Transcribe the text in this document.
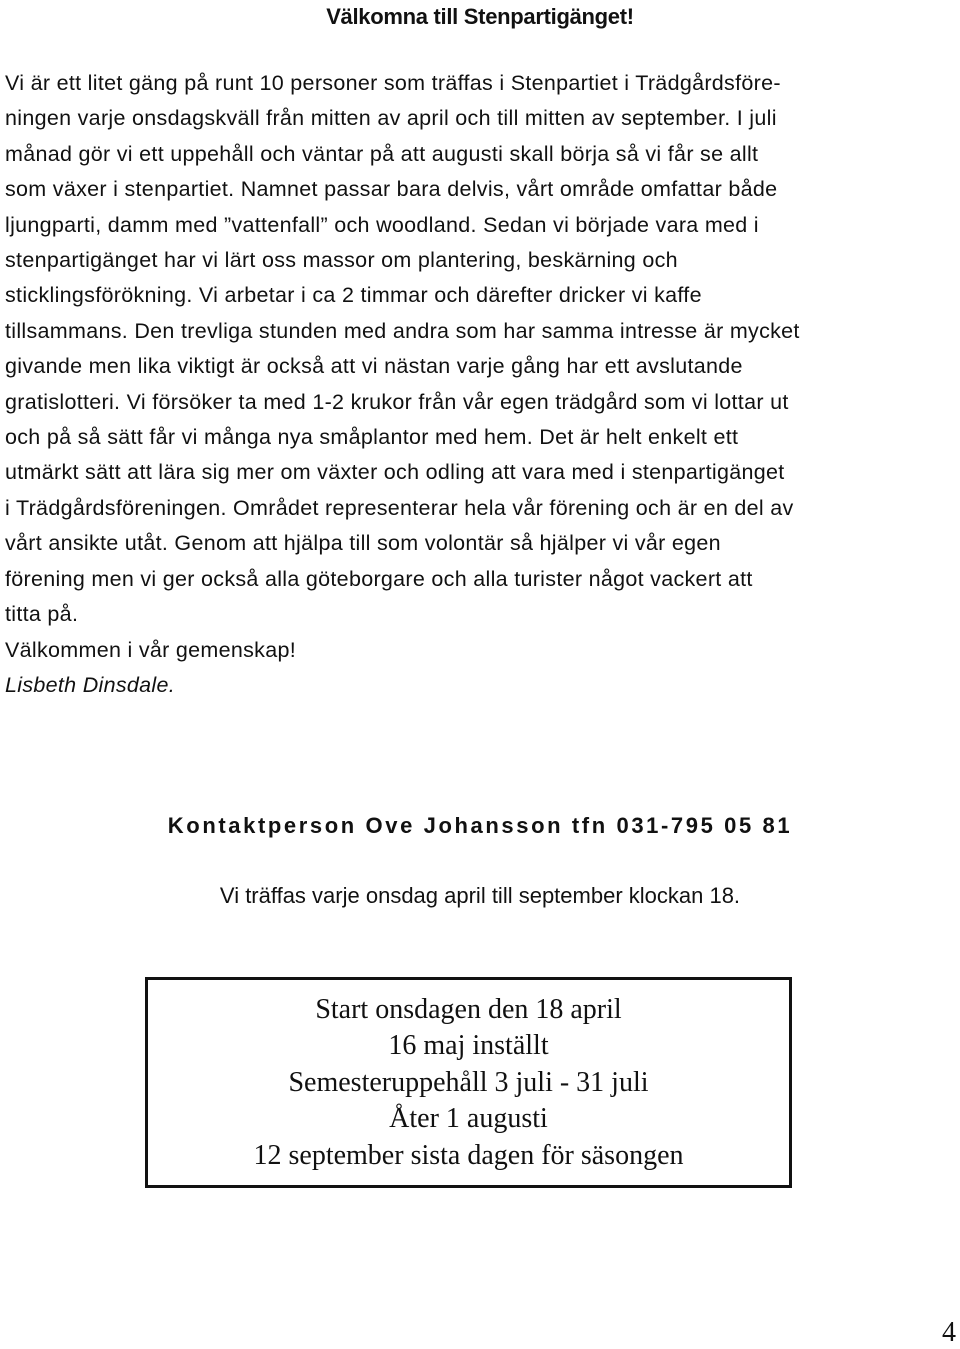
Välkomna till Stenpartigänget!

Vi är ett litet gäng på runt 10 personer som träffas i Stenpartiet i Trädgårdsföre-

ningen varje onsdagskväll från mitten av april och till mitten av september. I juli

månad gör vi ett uppehåll och väntar på att augusti skall börja så vi får se allt

som växer i stenpartiet. Namnet passar bara delvis, vårt område omfattar både

ljungparti, damm med ”vattenfall” och woodland. Sedan vi började vara med i

stenpartigänget har vi lärt oss massor om plantering, beskärning och

sticklingsförökning. Vi arbetar i ca 2 timmar och därefter dricker vi kaffe

tillsammans. Den trevliga stunden med andra som har samma intresse är mycket

givande men lika viktigt är också att vi nästan varje gång har ett avslutande

gratislotteri. Vi försöker ta med 1-2 krukor från vår egen trädgård som vi lottar ut

och på så sätt får vi många nya småplantor med hem. Det är helt enkelt ett

utmärkt sätt att lära sig mer om växter och odling att vara med i stenpartigänget

i Trädgårdsföreningen. Området representerar hela vår förening och är en del av

vårt ansikte utåt. Genom att hjälpa till som volontär så hjälper vi vår egen

förening men vi ger också alla göteborgare och alla turister något vackert att

titta på.

Välkommen i vår gemenskap!

Lisbeth Dinsdale.

Kontaktperson Ove Johansson tfn 031-795 05 81
Vi träffas varje onsdag april till september klockan 18.
Start onsdagen den 18 april
16 maj inställt
Semesteruppehåll 3 juli - 31 juli
Åter 1 augusti
12 september sista dagen för säsongen
4
